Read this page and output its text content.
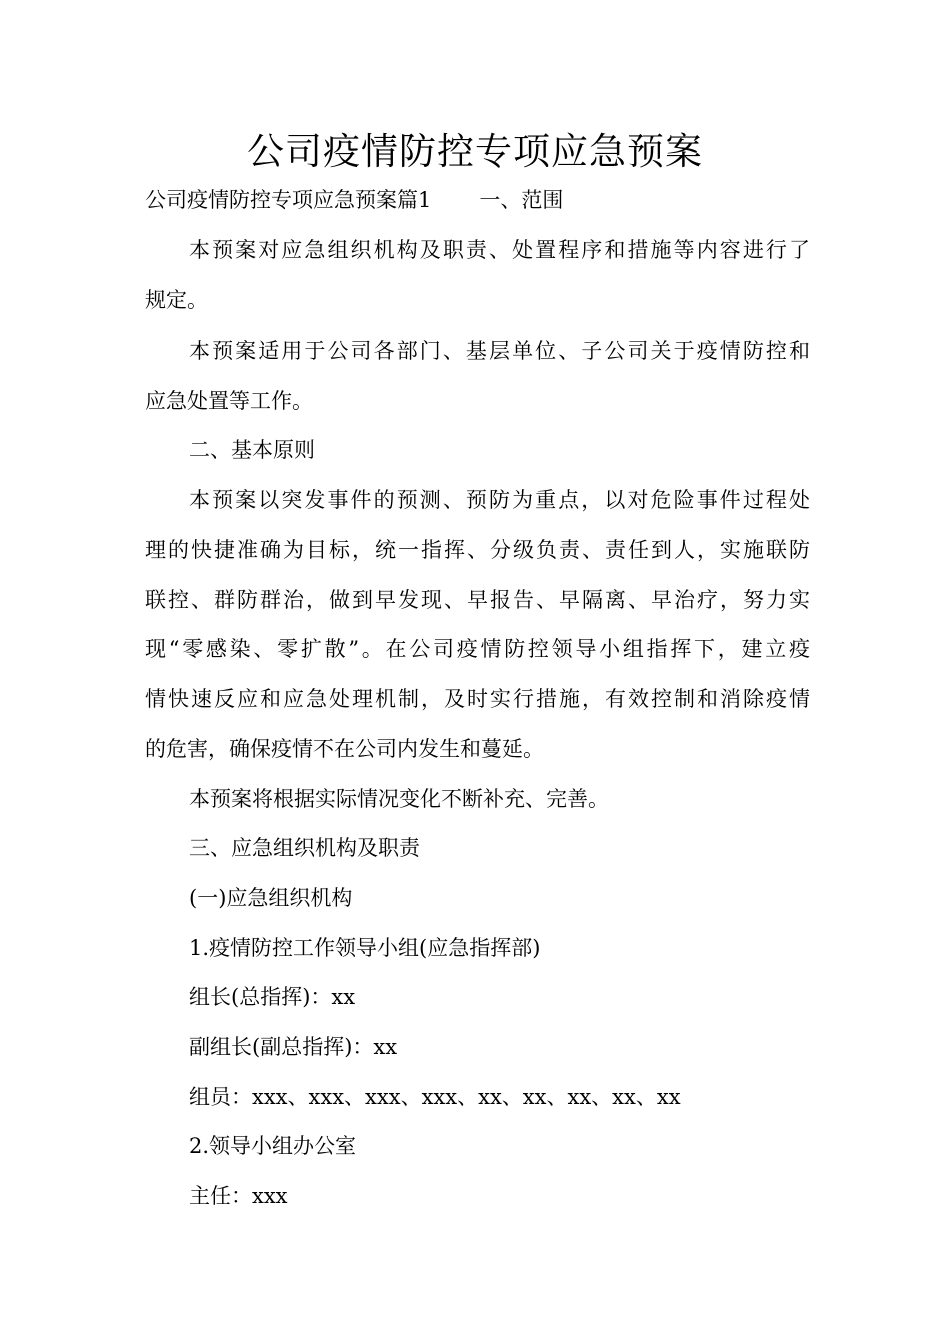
公司疫情防控专项应急预案
公司疫情防控专项应急预案篇1 一、范围
本预案对应急组织机构及职责、处置程序和措施等内容进行了
规定。
本预案适用于公司各部门、基层单位、子公司关于疫情防控和
应急处置等工作。
二、基本原则
本预案以突发事件的预测、预防为重点，以对危险事件过程处
理的快捷准确为目标，统一指挥、分级负责、责任到人，实施联防
联控、群防群治，做到早发现、早报告、早隔离、早治疗，努力实
现“零感染、零扩散”。在公司疫情防控领导小组指挥下，建立疫
情快速反应和应急处理机制，及时实行措施，有效控制和消除疫情
的危害，确保疫情不在公司内发生和蔓延。
本预案将根据实际情况变化不断补充、完善。
三、应急组织机构及职责
(一)应急组织机构
1.疫情防控工作领导小组(应急指挥部)
组长(总指挥)：xx
副组长(副总指挥)：xx
组员：xxx、xxx、xxx、xxx、xx、xx、xx、xx、xx
2.领导小组办公室
主任：xxx
